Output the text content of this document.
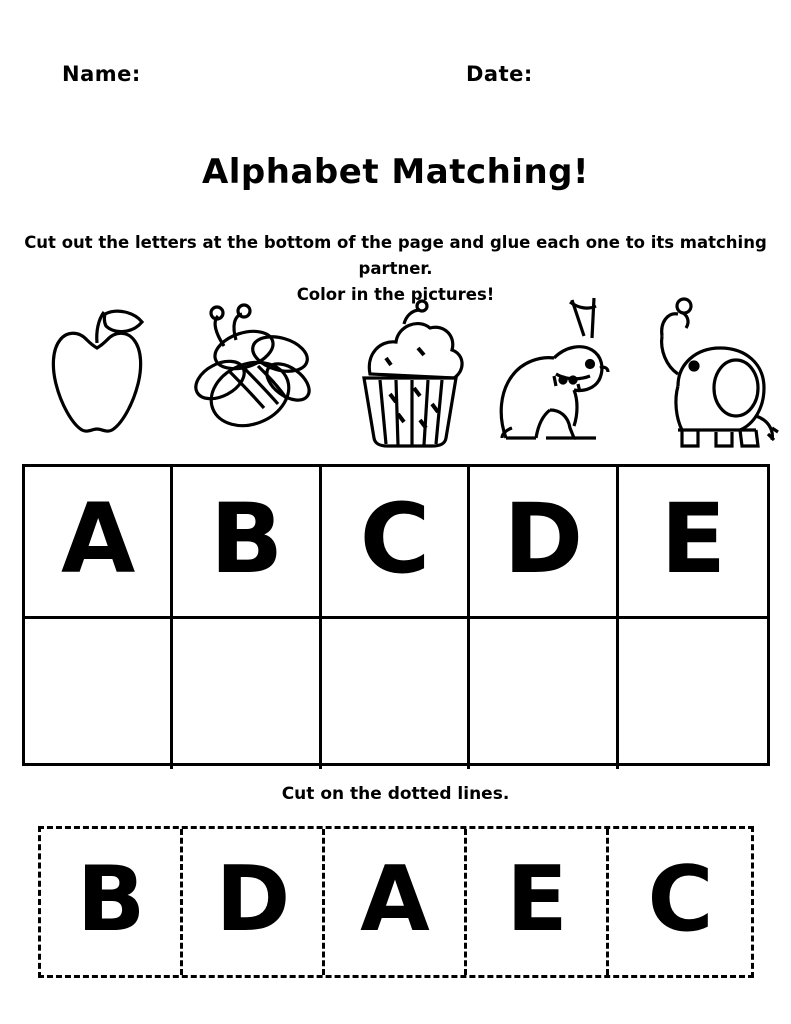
Name:	Date:
Alphabet Matching!
Cut out the letters at the bottom of the page and glue each one to its matching partner.
Color in the pictures!
A B C D E
Cut on the dotted lines.
B D A E C
